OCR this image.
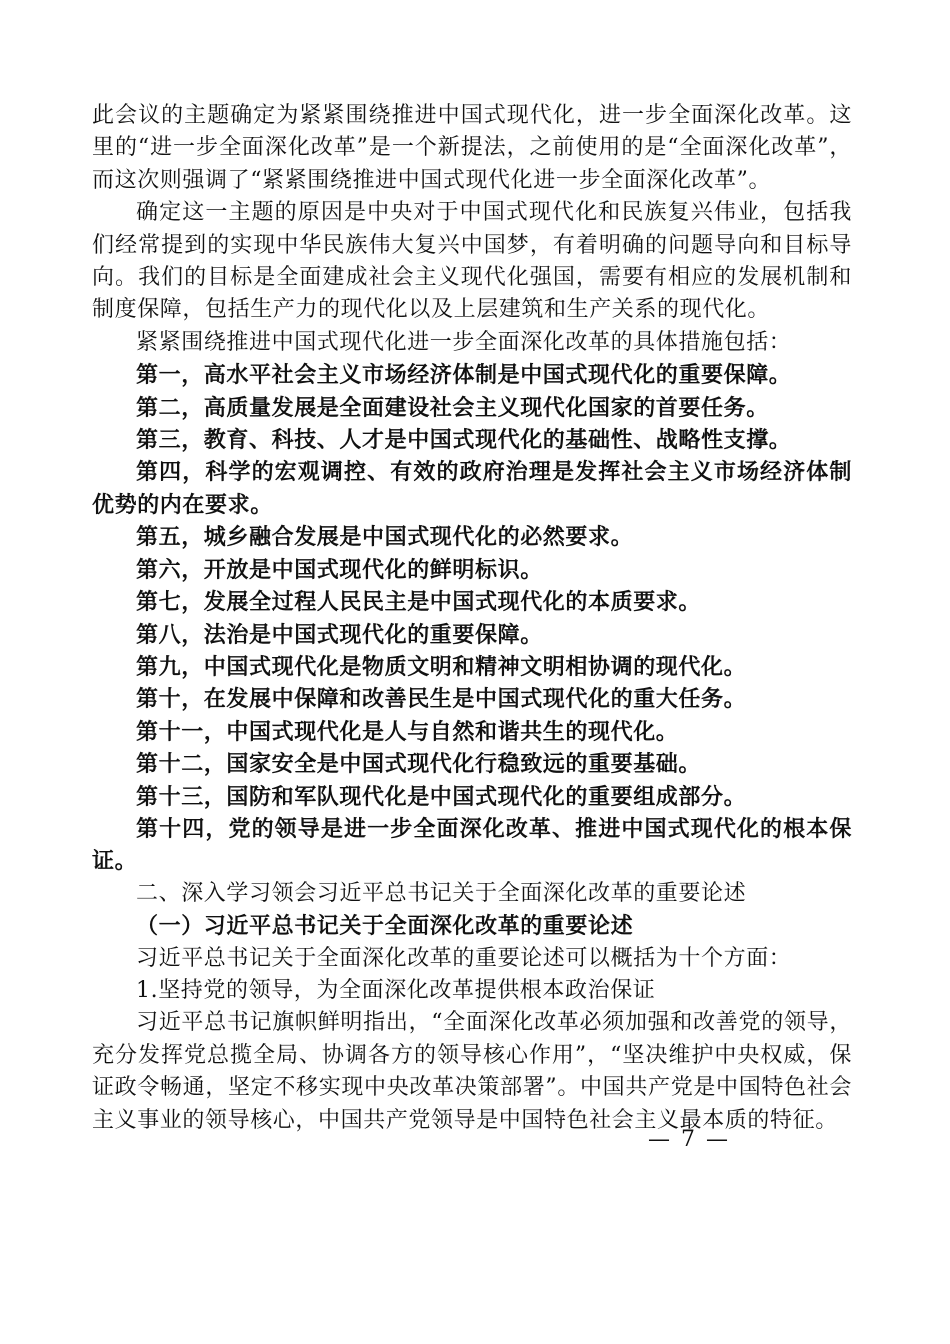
此会议的主题确定为紧紧围绕推进中国式现代化，进一步全面深化改革。这里的“进一步全面深化改革”是一个新提法，之前使用的是“全面深化改革”，而这次则强调了“紧紧围绕推进中国式现代化进一步全面深化改革”。

确定这一主题的原因是中央对于中国式现代化和民族复兴伟业，包括我们经常提到的实现中华民族伟大复兴中国梦，有着明确的问题导向和目标导向。我们的目标是全面建成社会主义现代化强国，需要有相应的发展机制和制度保障，包括生产力的现代化以及上层建筑和生产关系的现代化。

紧紧围绕推进中国式现代化进一步全面深化改革的具体措施包括：

第一，高水平社会主义市场经济体制是中国式现代化的重要保障。

第二，高质量发展是全面建设社会主义现代化国家的首要任务。

第三，教育、科技、人才是中国式现代化的基础性、战略性支撑。

第四，科学的宏观调控、有效的政府治理是发挥社会主义市场经济体制优势的内在要求。

第五，城乡融合发展是中国式现代化的必然要求。

第六，开放是中国式现代化的鲜明标识。

第七，发展全过程人民民主是中国式现代化的本质要求。

第八，法治是中国式现代化的重要保障。

第九，中国式现代化是物质文明和精神文明相协调的现代化。

第十，在发展中保障和改善民生是中国式现代化的重大任务。

第十一，中国式现代化是人与自然和谐共生的现代化。

第十二，国家安全是中国式现代化行稳致远的重要基础。

第十三，国防和军队现代化是中国式现代化的重要组成部分。

第十四，党的领导是进一步全面深化改革、推进中国式现代化的根本保证。

二、深入学习领会习近平总书记关于全面深化改革的重要论述

（一）习近平总书记关于全面深化改革的重要论述

习近平总书记关于全面深化改革的重要论述可以概括为十个方面：

1.坚持党的领导，为全面深化改革提供根本政治保证

习近平总书记旗帜鲜明指出，“全面深化改革必须加强和改善党的领导，充分发挥党总揽全局、协调各方的领导核心作用”，“坚决维护中央权威，保证政令畅通，坚定不移实现中央改革决策部署”。中国共产党是中国特色社会主义事业的领导核心，中国共产党领导是中国特色社会主义最本质的特征。

— 7 —
